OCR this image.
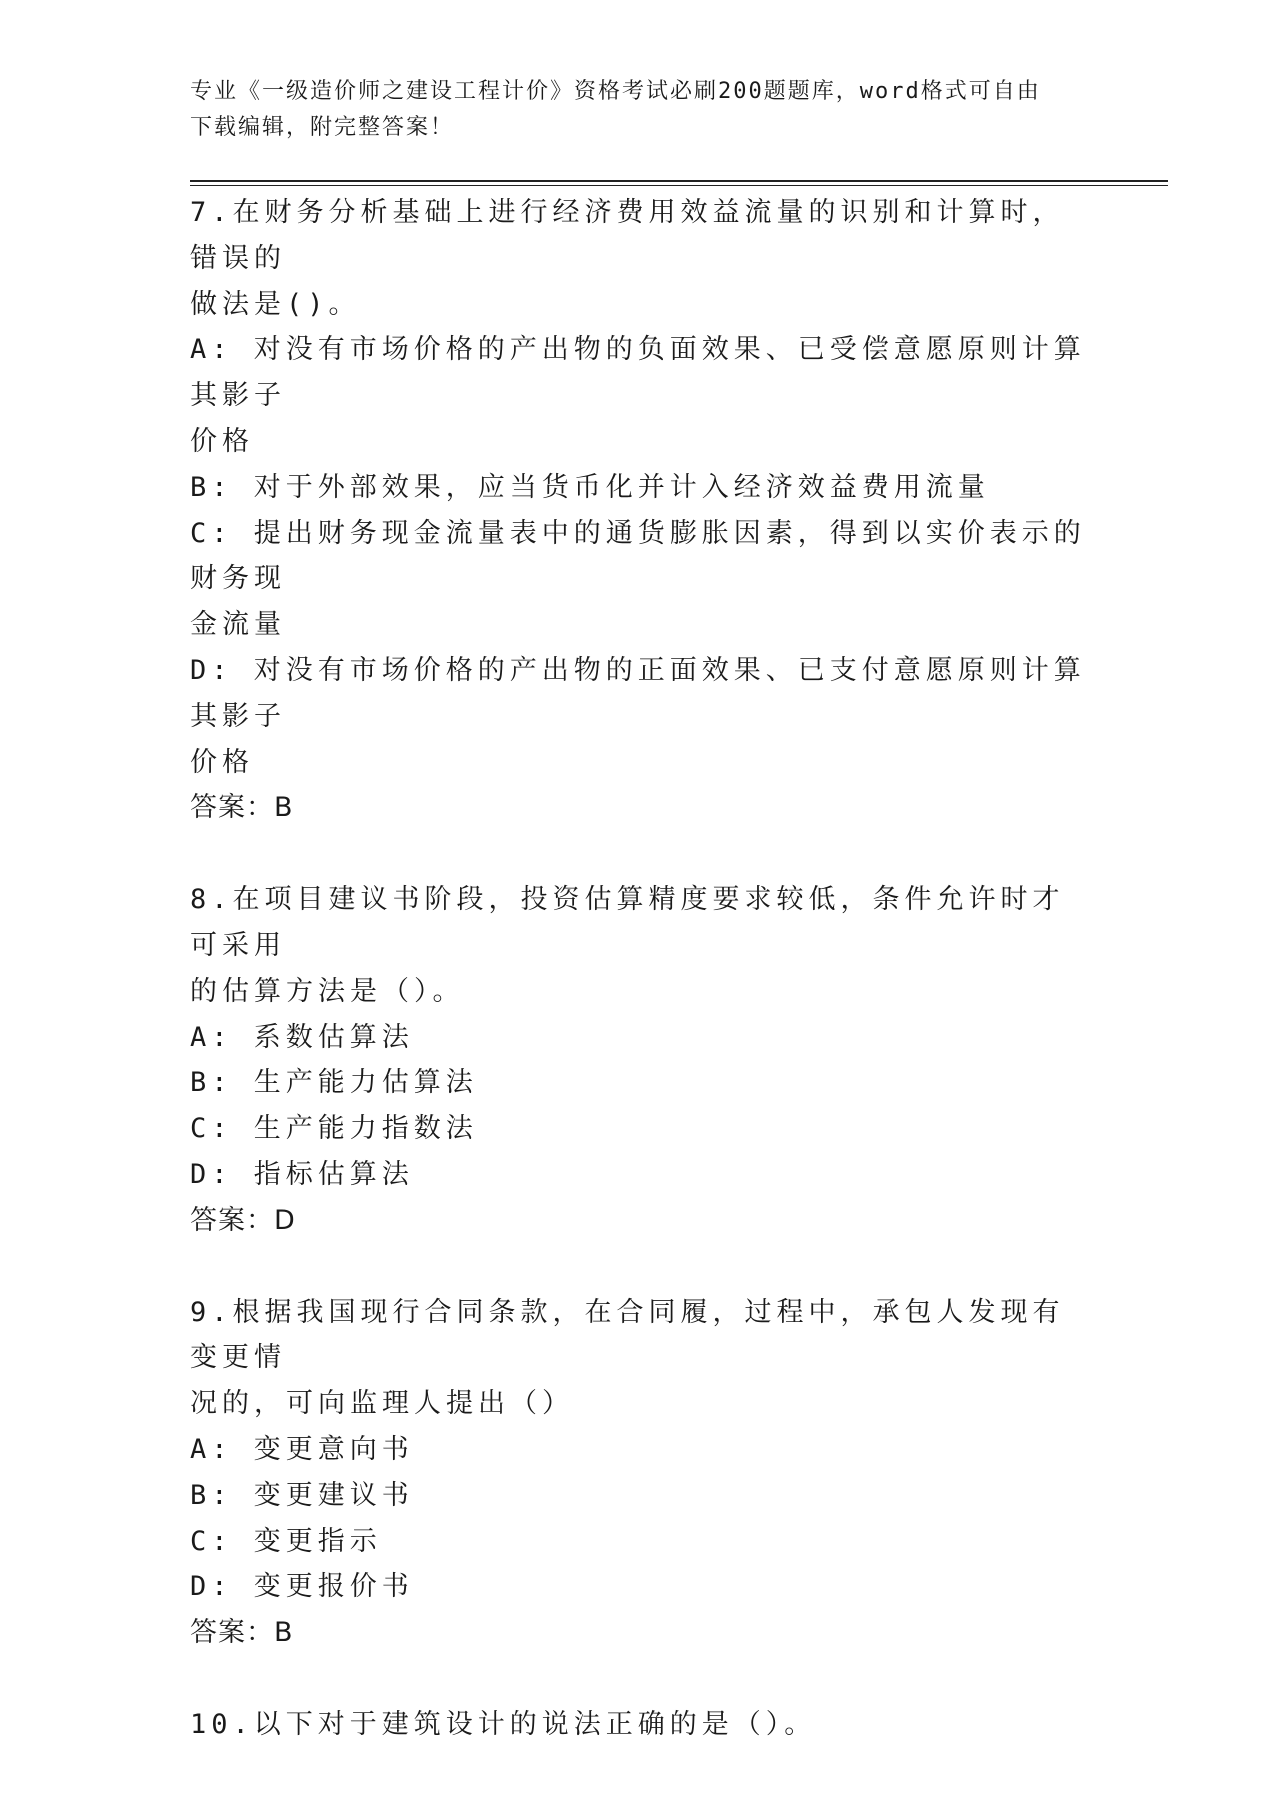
专业《一级造价师之建设工程计价》资格考试必刷200题题库，word格式可自由
下载编辑，附完整答案！

7.在财务分析基础上进行经济费用效益流量的识别和计算时，错误的

做法是()。

A: 对没有市场价格的产出物的负面效果、已受偿意愿原则计算其影子

价格

B: 对于外部效果，应当货币化并计入经济效益费用流量

C: 提出财务现金流量表中的通货膨胀因素，得到以实价表示的财务现

金流量

D: 对没有市场价格的产出物的正面效果、已支付意愿原则计算其影子

价格

答案：B

8.在项目建议书阶段，投资估算精度要求较低，条件允许时才可采用

的估算方法是（）。

A: 系数估算法

B: 生产能力估算法

C: 生产能力指数法

D: 指标估算法

答案：D

9.根据我国现行合同条款，在合同履，过程中，承包人发现有变更情

况的，可向监理人提出（）

A: 变更意向书

B: 变更建议书

C: 变更指示

D: 变更报价书

答案：B

10.以下对于建筑设计的说法正确的是（）。
